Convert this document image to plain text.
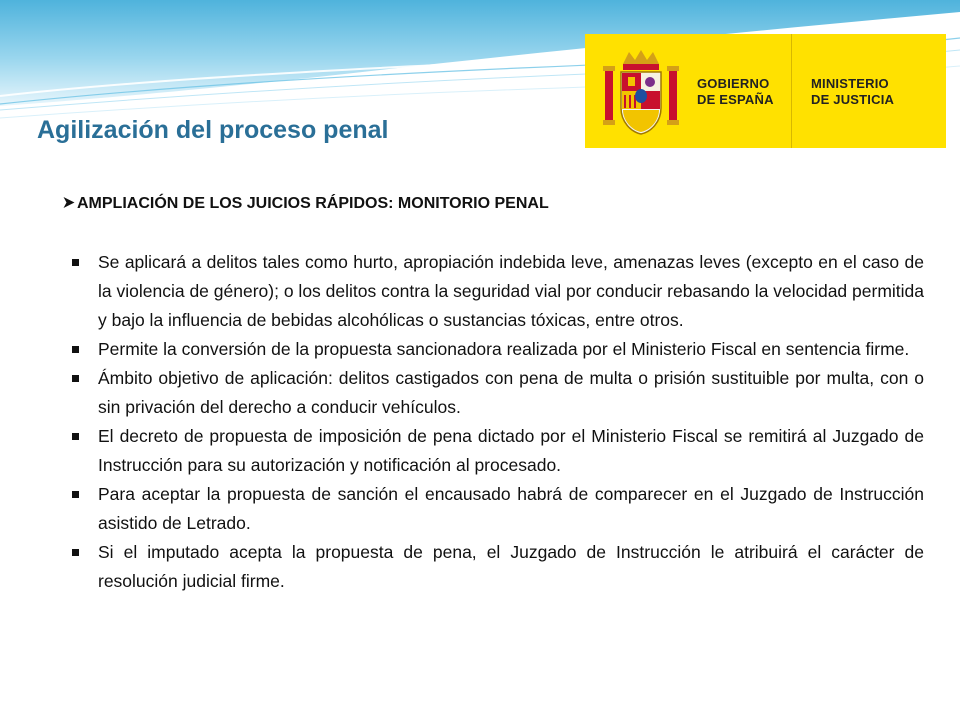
Agilización del proceso penal
GOBIERNO
DE ESPAÑA
MINISTERIO
DE JUSTICIA
AMPLIACIÓN DE LOS JUICIOS RÁPIDOS: MONITORIO PENAL
Se aplicará a delitos tales como hurto, apropiación indebida leve, amenazas leves (excepto en el caso de la violencia de género); o los delitos contra la seguridad vial por conducir rebasando la velocidad permitida y bajo la influencia de bebidas alcohólicas o sustancias tóxicas, entre otros.
Permite la conversión de la propuesta sancionadora realizada por el Ministerio Fiscal en sentencia firme.
Ámbito objetivo de aplicación: delitos castigados con pena de multa o prisión sustituible por multa, con o sin privación del derecho a conducir vehículos.
El decreto de propuesta de imposición de pena dictado por el Ministerio Fiscal se remitirá al Juzgado de Instrucción para su autorización y notificación al procesado.
Para aceptar la propuesta de sanción el encausado habrá de comparecer en el Juzgado de Instrucción asistido de Letrado.
Si el imputado acepta la propuesta de pena, el Juzgado de Instrucción le atribuirá el carácter de resolución judicial firme.
